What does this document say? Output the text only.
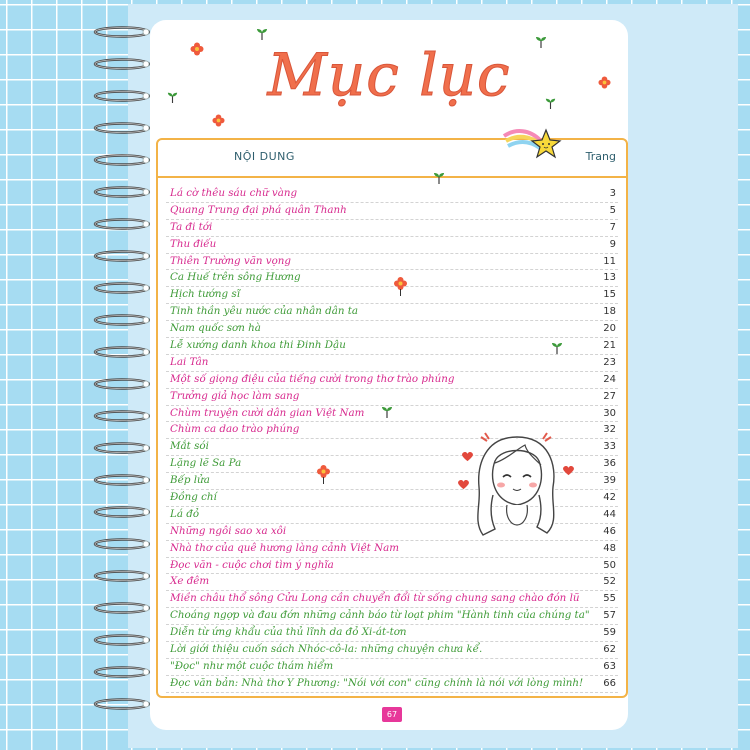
Mục lục
NỘI DUNG	Trang
Lá cờ thêu sáu chữ vàng	3
Quang Trung đại phá quân Thanh	5
Ta đi tới	7
Thu điếu	9
Thiên Trường vãn vọng	11
Ca Huế trên sông Hương	13
Hịch tướng sĩ	15
Tinh thần yêu nước của nhân dân ta	18
Nam quốc sơn hà	20
Lễ xướng danh khoa thi Đinh Dậu	21
Lai Tân	23
Một số giọng điệu của tiếng cười trong thơ trào phúng	24
Trưởng giả học làm sang	27
Chùm truyện cười dân gian Việt Nam	30
Chùm ca dao trào phúng	32
Mắt sói	33
Lặng lẽ Sa Pa	36
Bếp lửa	39
Đồng chí	42
Lá đỏ	44
Những ngôi sao xa xôi	46
Nhà thơ của quê hương làng cảnh Việt Nam	48
Đọc văn - cuộc chơi tìm ý nghĩa	50
Xe đêm	52
Miền châu thổ sông Cửu Long cần chuyển đổi từ sống chung sang chào đón lũ 55
Choáng ngợp và đau đớn những cảnh báo từ loạt phim "Hành tinh của chúng ta" 57
Diễn từ ứng khẩu của thủ lĩnh da đỏ Xi-át-tơn	59
Lời giới thiệu cuốn sách Nhóc-cô-la: những chuyện chưa kể.	62
"Đọc" như một cuộc thám hiểm	63
Đọc văn bản: Nhà thơ Y Phương: "Nói với con" cũng chính là nói với lòng mình! 66
67
